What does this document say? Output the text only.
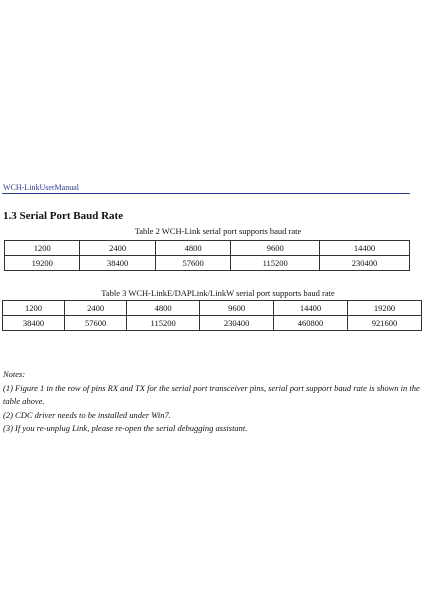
WCH-LinkUserManual
1.3 Serial Port Baud Rate
Table 2 WCH-Link serial port supports baud rate
1200	2400	4800	9600	14400
19200	38400	57600	115200	230400
Table 3 WCH-LinkE/DAPLink/LinkW serial port supports baud rate
1200	2400	4800	9600	14400	19200
38400	57600	115200	230400	460800	921600
Notes:
(1) Figure 1 in the row of pins RX and TX for the serial port transceiver pins, serial port support baud rate is shown in the table above.
(2) CDC driver needs to be installed under Win7.
(3) If you re-unplug Link, please re-open the serial debugging assistant.
